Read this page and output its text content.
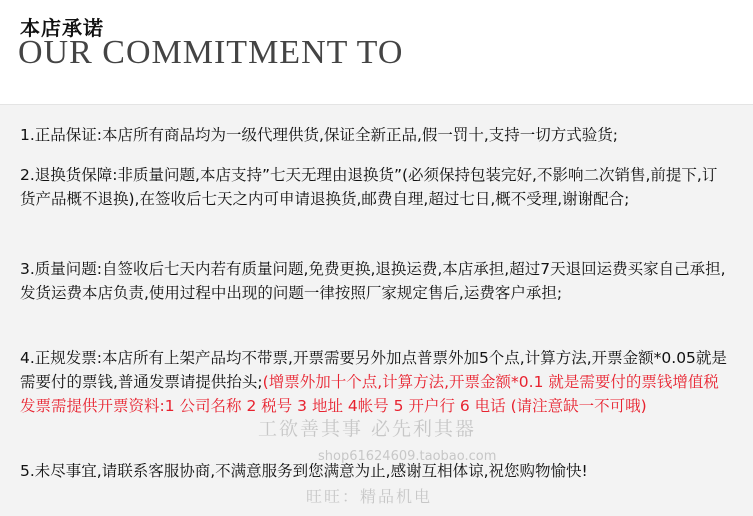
本店承诺
OUR COMMITMENT TO
1.正品保证:本店所有商品均为一级代理供货,保证全新正品,假一罚十,支持一切方式验货;
2.退换货保障:非质量问题,本店支持”七天无理由退换货”(必须保持包装完好,不影响二次销售,前提下,订货产品概不退换),在签收后七天之内可申请退换货,邮费自理,超过七日,概不受理,谢谢配合;
3.质量问题:自签收后七天内若有质量问题,免费更换,退换运费,本店承担,超过7天退回运费买家自己承担,发货运费本店负责,使用过程中出现的问题一律按照厂家规定售后,运费客户承担;
4.正规发票:本店所有上架产品均不带票,开票需要另外加点普票外加5个点,计算方法,开票金额*0.05就是需要付的票钱,普通发票请提供抬头;(增票外加十个点,计算方法,开票金额*0.1 就是需要付的票钱增值税发票需提供开票资料:1 公司名称 2 税号 3 地址 4帐号 5 开户行 6 电话 (请注意缺一不可哦)
5.未尽事宜,请联系客服协商,不满意服务到您满意为止,感谢互相体谅,祝您购物愉快!
工欲善其事 必先利其器
shop61624609.taobao.com
旺旺：精品机电
